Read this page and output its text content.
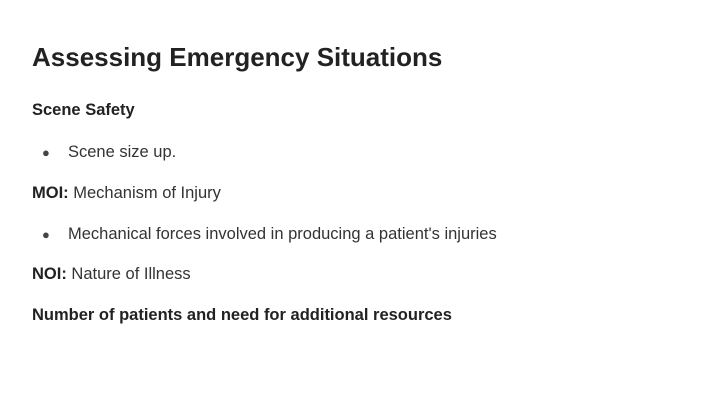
Assessing Emergency Situations
Scene Safety
● Scene size up.
MOI: Mechanism of Injury
● Mechanical forces involved in producing a patient's injuries
NOI: Nature of Illness
Number of patients and need for additional resources
